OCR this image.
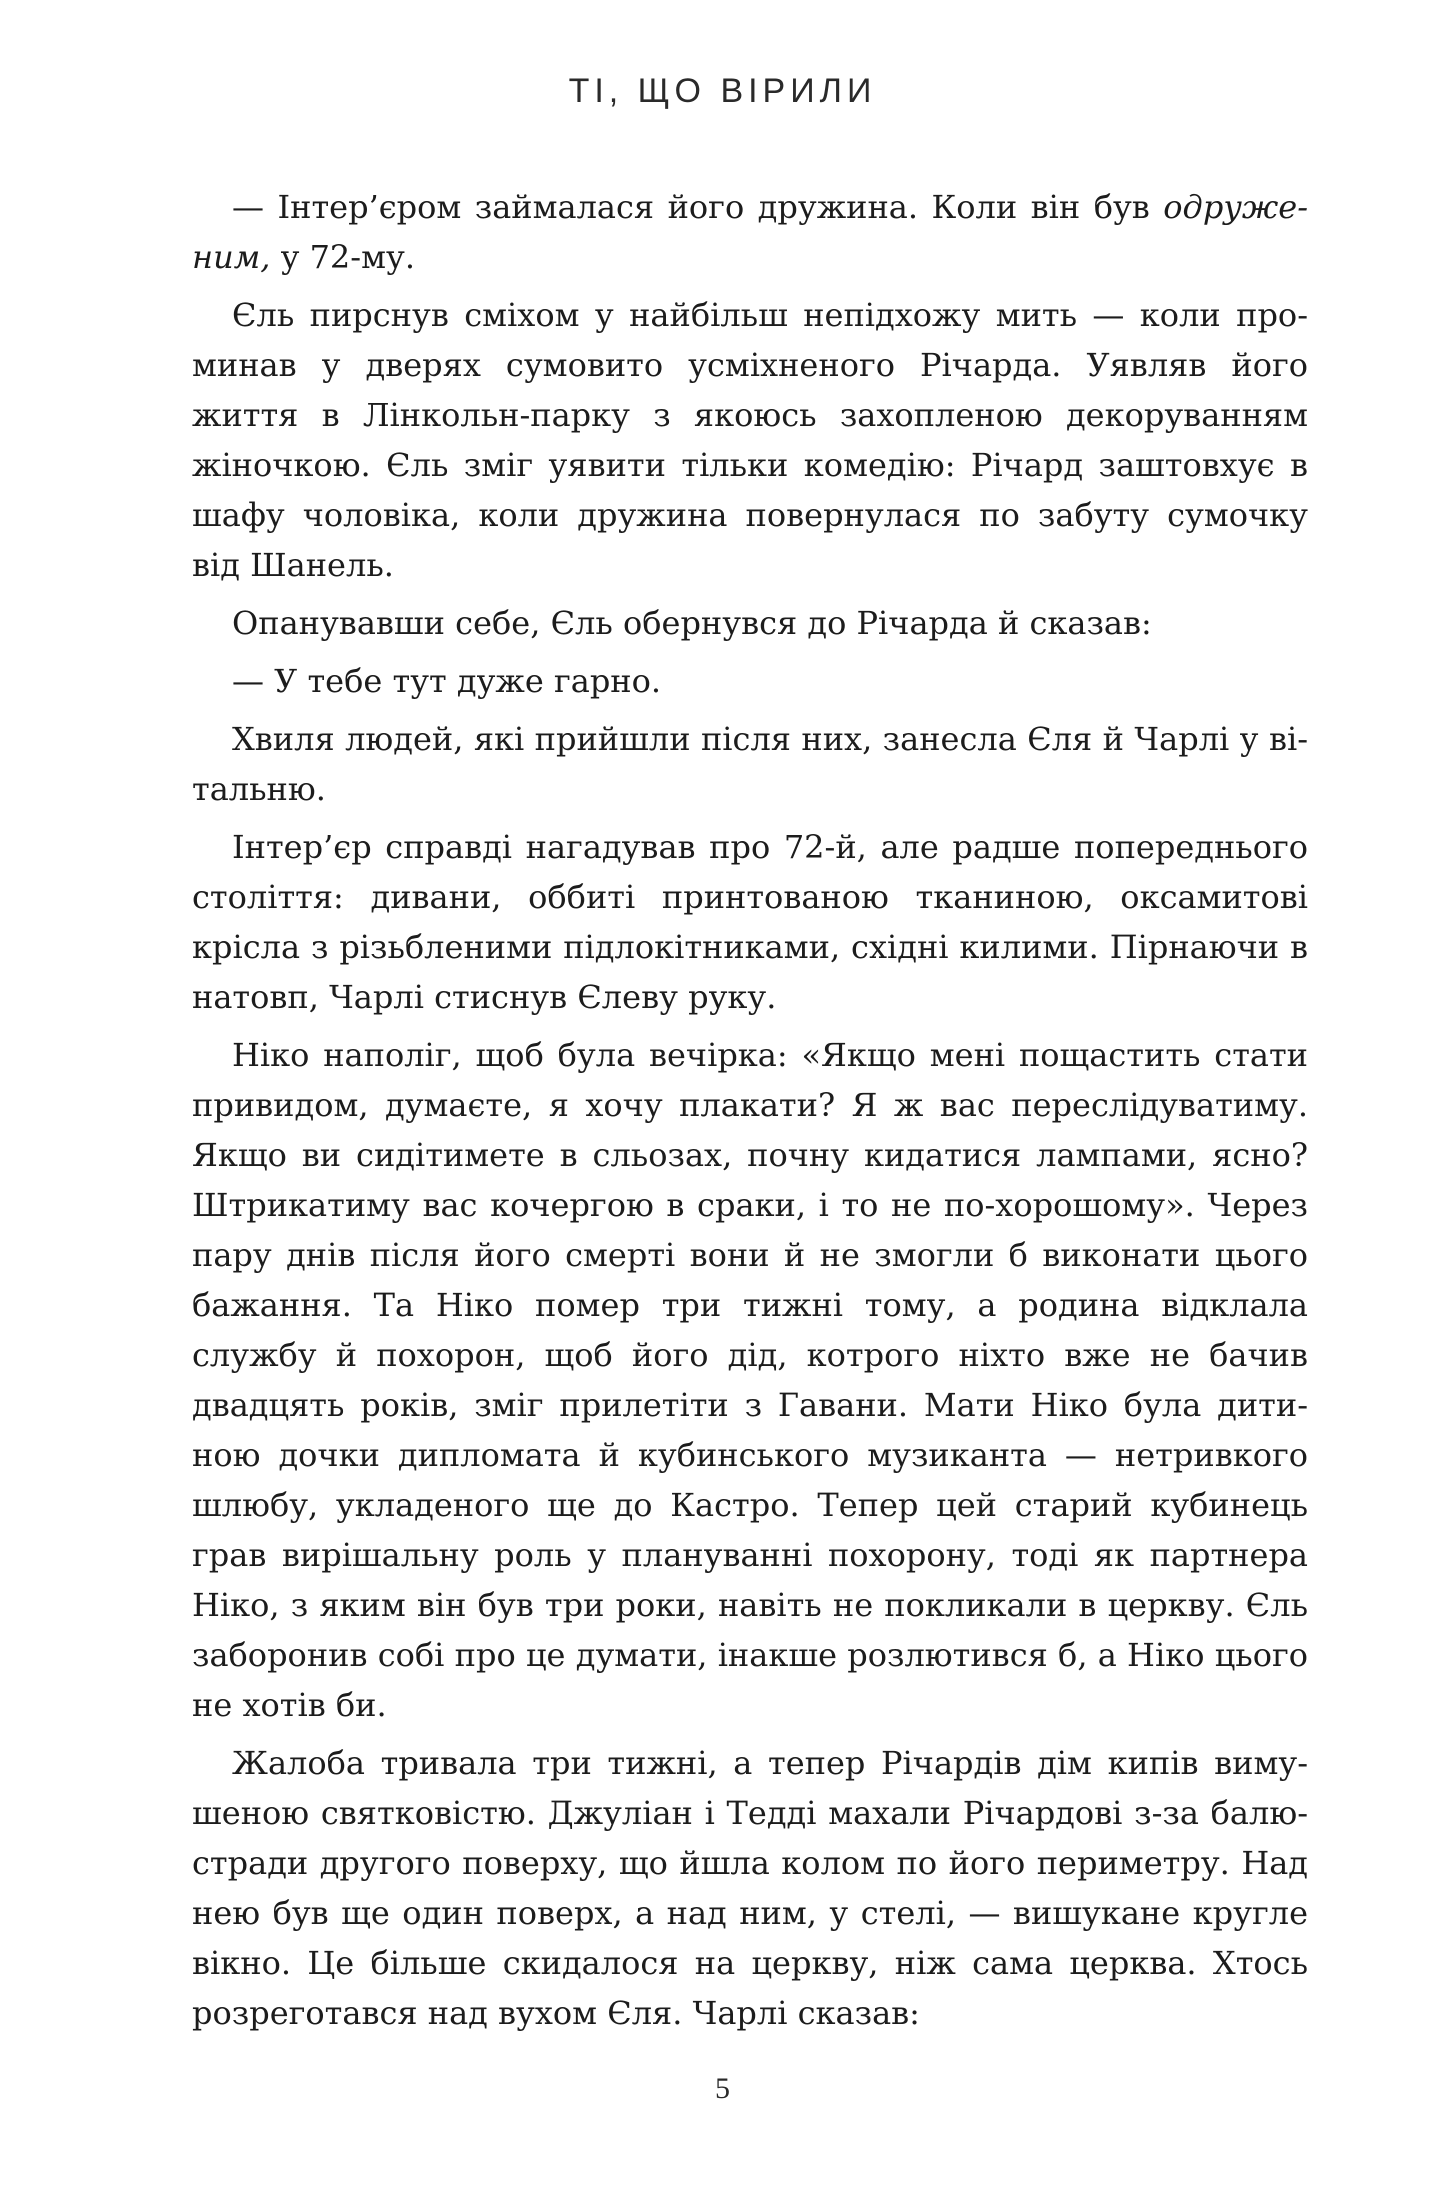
ТІ, ЩО ВІРИЛИ

— Інтер’єром займалася його дружина. Коли він був одружeним, у 72-му.

Єль пирснув сміхом у найбільш непідхожу мить — коли проминав у дверях сумовито усміхненого Річарда. Уявляв його життя в Лінкольн-парку з якоюсь захопленою декоруванням жіночкою. Єль зміг уявити тільки комедію: Річард заштовхує в шафу чоловіка, коли дружина повернулася по забуту сумочку від Шанель.

Опанувавши себе, Єль обернувся до Річарда й сказав:

— У тебе тут дуже гарно.

Хвиля людей, які прийшли після них, занесла Єля й Чарлі у вітальню.

Інтер’єр справді нагадував про 72-й, але радше попереднього століття: дивани, оббиті принтованою тканиною, оксамитові крісла з різьбленими підлокітниками, східні килими. Пірнаючи в натовп, Чарлі стиснув Єлеву руку.

Ніко наполіг, щоб була вечірка: «Якщо мені пощастить стати привидом, думаєте, я хочу плакати? Я ж вас переслідуватиму. Якщо ви сидітимете в сльозах, почну кидатися лампами, ясно? Штрикатиму вас кочергою в сраки, і то не по-хорошому». Через пару днів після його смерті вони й не змогли б виконати цього бажання. Та Ніко помер три тижні тому, а родина відклала службу й похорон, щоб його дід, котрого ніхто вже не бачив двадцять років, зміг прилетіти з Гавани. Мати Ніко була дитиною дочки дипломата й кубинського музиканта — нетривкого шлюбу, укладеного ще до Кастро. Тепер цей старий кубинець грав вирішальну роль у плануванні похорону, тоді як партнера Ніко, з яким він був три роки, навіть не покликали в церкву. Єль заборонив собі про це думати, інакше розлютився б, а Ніко цього не хотів би.

Жалоба тривала три тижні, а тепер Річардів дім кипів вимушеною святковістю. Джуліан і Тедді махали Річардові з-за балюстради другого поверху, що йшла колом по його периметру. Над нею був ще один поверх, а над ним, у стелі, — вишукане кругле вікно. Це більше скидалося на церкву, ніж сама церква. Хтось розреготався над вухом Єля. Чарлі сказав:

5
